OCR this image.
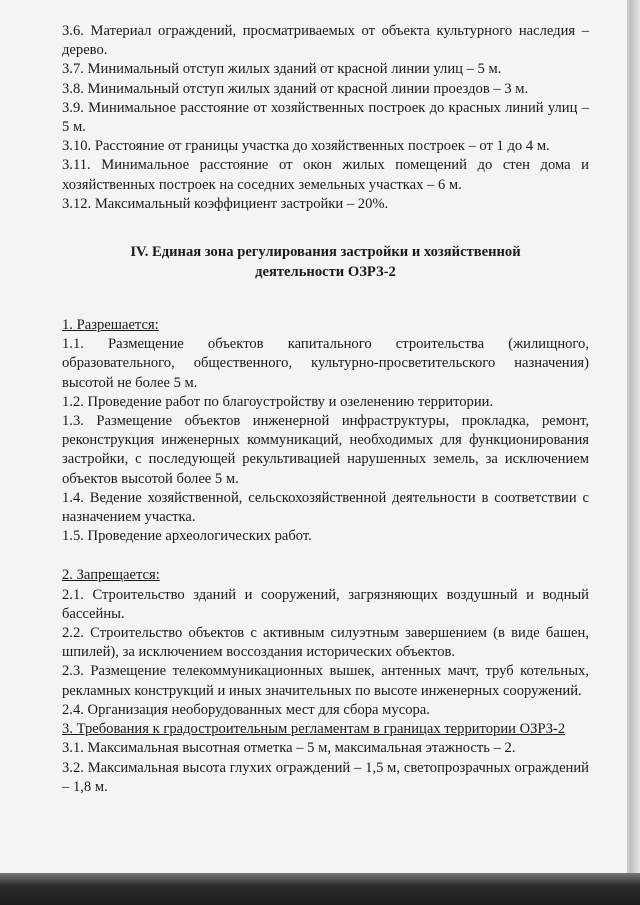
3.6. Материал ограждений, просматриваемых от объекта культурного наследия – дерево.

3.7. Минимальный отступ жилых зданий от красной линии улиц – 5 м.

3.8. Минимальный отступ жилых зданий от красной линии проездов – 3 м.

3.9. Минимальное расстояние от хозяйственных построек до красных линий улиц –5 м.

3.10. Расстояние от границы участка до хозяйственных построек – от 1 до 4 м.

3.11. Минимальное расстояние от окон жилых помещений до стен дома и хозяйственных построек на соседних земельных участках – 6 м.

3.12. Максимальный коэффициент застройки – 20%.

IV. Единая зона регулирования застройки и хозяйственной
деятельности ОЗРЗ-2

1. Разрешается:

1.1. Размещение объектов капитального строительства (жилищного, образовательного, общественного, культурно-просветительского назначения) высотой не более 5 м.

1.2. Проведение работ по благоустройству и озеленению территории.

1.3. Размещение объектов инженерной инфраструктуры, прокладка, ремонт, реконструкция инженерных коммуникаций, необходимых для функционирования застройки, с последующей рекультивацией нарушенных земель, за исключением объектов высотой более 5 м.

1.4. Ведение хозяйственной, сельскохозяйственной деятельности в соответствии с назначением участка.

1.5. Проведение археологических работ.

2. Запрещается:

2.1. Строительство зданий и сооружений, загрязняющих воздушный и водный бассейны.

2.2. Строительство объектов с активным силуэтным завершением (в виде башен, шпилей), за исключением воссоздания исторических объектов.

2.3. Размещение телекоммуникационных вышек, антенных мачт, труб котельных, рекламных конструкций и иных значительных по высоте инженерных сооружений.

2.4. Организация необорудованных мест для сбора мусора.

3. Требования к градостроительным регламентам в границах территории ОЗРЗ-2

3.1. Максимальная высотная отметка – 5 м, максимальная этажность – 2.

3.2. Максимальная высота глухих ограждений – 1,5 м, светопрозрачных ограждений – 1,8 м.
